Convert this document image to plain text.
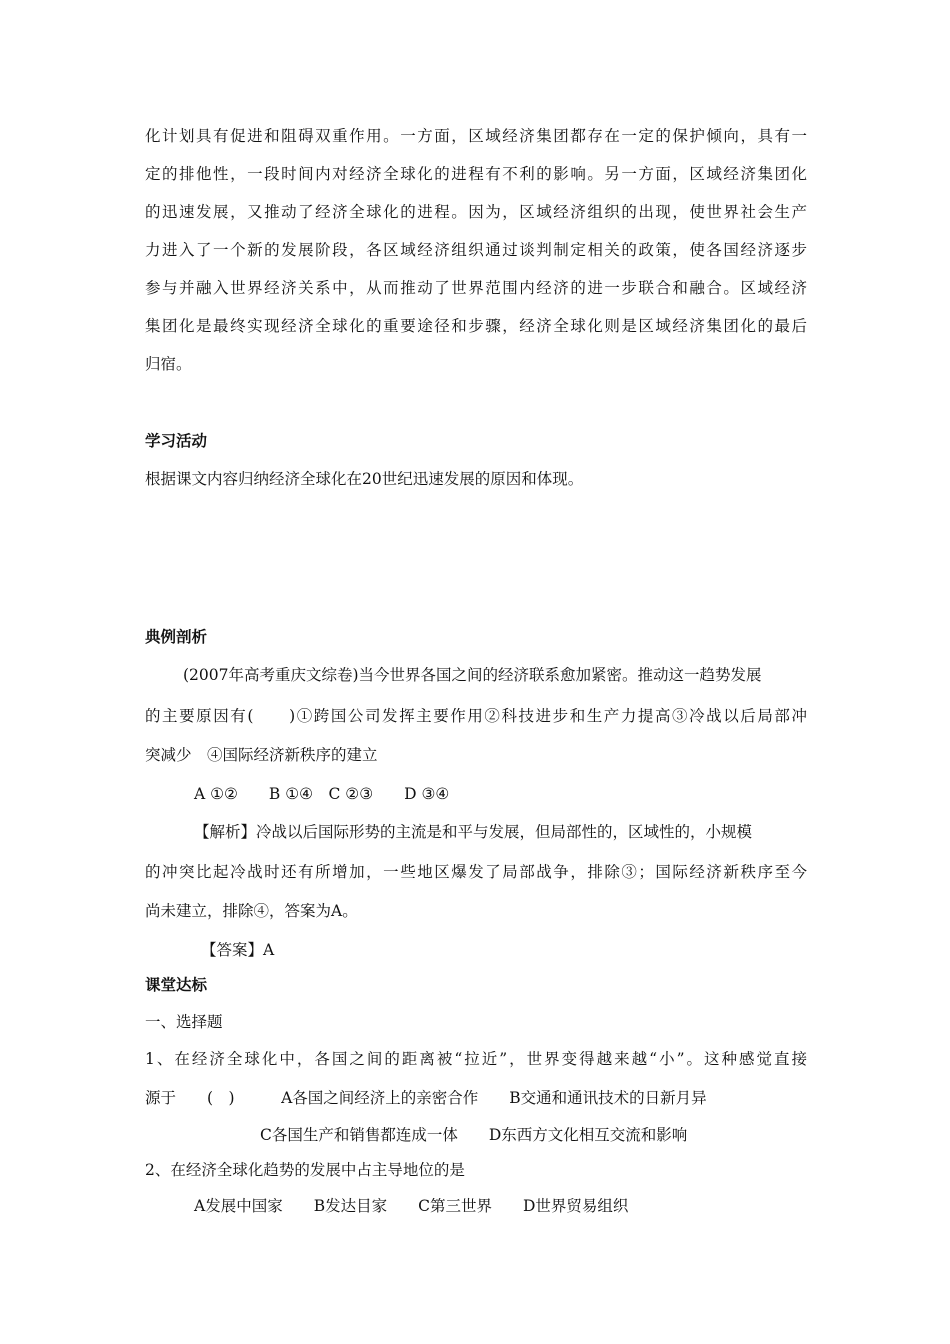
化计划具有促进和阻碍双重作用。一方面，区域经济集团都存在一定的保护倾向，具有一
定的排他性，一段时间内对经济全球化的进程有不利的影响。另一方面，区域经济集团化
的迅速发展，又推动了经济全球化的进程。因为，区域经济组织的出现，使世界社会生产
力进入了一个新的发展阶段，各区域经济组织通过谈判制定相关的政策，使各国经济逐步
参与并融入世界经济关系中，从而推动了世界范围内经济的进一步联合和融合。区域经济
集团化是最终实现经济全球化的重要途径和步骤，经济全球化则是区域经济集团化的最后
归宿。
学习活动
根据课文内容归纳经济全球化在20世纪迅速发展的原因和体现。
典例剖析
(2007年高考重庆文综卷)当今世界各国之间的经济联系愈加紧密。推动这一趋势发展
的主要原因有(　　)①跨国公司发挥主要作用②科技进步和生产力提高③冷战以后局部冲
突减少　④国际经济新秩序的建立
A ①②　　B ①④　C ②③　　D ③④
【解析】冷战以后国际形势的主流是和平与发展，但局部性的，区域性的，小规模
的冲突比起冷战时还有所增加，一些地区爆发了局部战争，排除③；国际经济新秩序至今
尚未建立，排除④，答案为A。
【答案】A
课堂达标
一、选择题
1、在经济全球化中，各国之间的距离被“拉近”，世界变得越来越“小”。这种感觉直接
源于　　(　)　　　A各国之间经济上的亲密合作　　B交通和通讯技术的日新月异
C各国生产和销售都连成一体　　D东西方文化相互交流和影响
2、在经济全球化趋势的发展中占主导地位的是
A发展中国家　　B发达目家　　C第三世界　　D世界贸易组织
